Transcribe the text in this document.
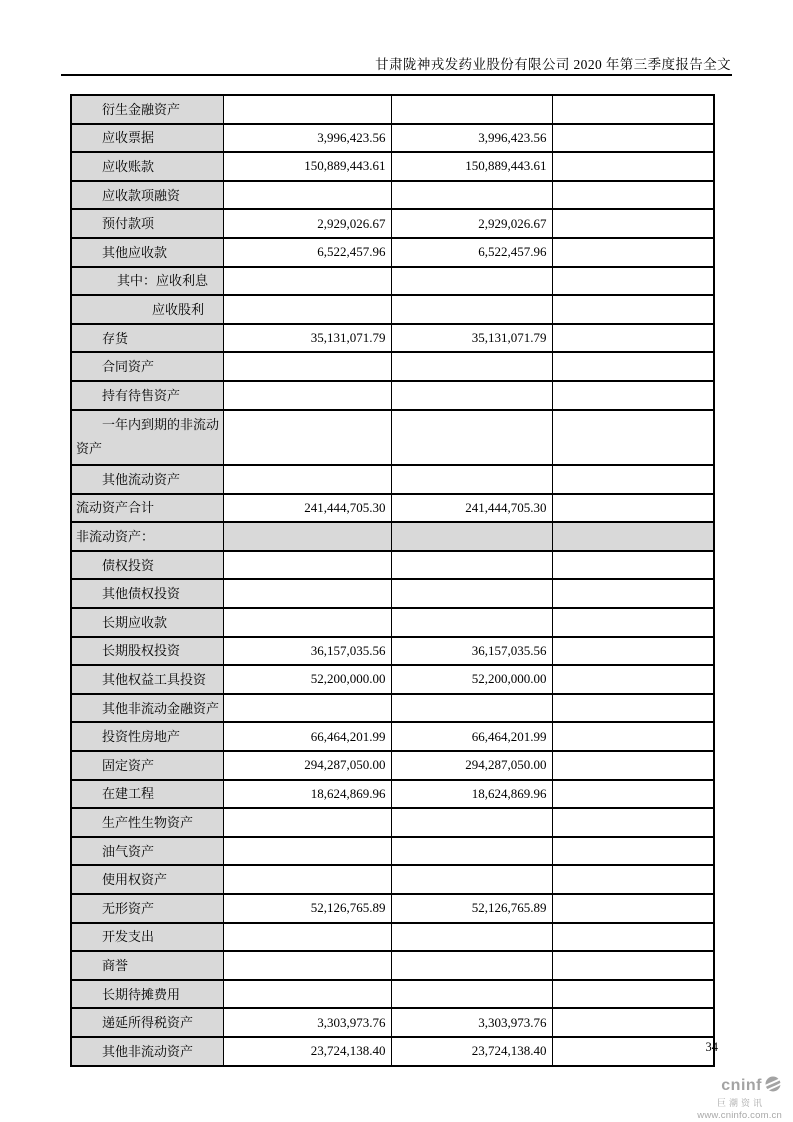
甘肃陇神戎发药业股份有限公司 2020 年第三季度报告全文
衍生金融资产			
应收票据	3,996,423.56	3,996,423.56	
应收账款	150,889,443.61	150,889,443.61	
应收款项融资			
预付款项	2,929,026.67	2,929,026.67	
其他应收款	6,522,457.96	6,522,457.96	
其中：应收利息			
应收股利			
存货	35,131,071.79	35,131,071.79	
合同资产			
持有待售资产			
一年内到期的非流动资产			
其他流动资产			
流动资产合计	241,444,705.30	241,444,705.30	
非流动资产：			
债权投资			
其他债权投资			
长期应收款			
长期股权投资	36,157,035.56	36,157,035.56	
其他权益工具投资	52,200,000.00	52,200,000.00	
其他非流动金融资产			
投资性房地产	66,464,201.99	66,464,201.99	
固定资产	294,287,050.00	294,287,050.00	
在建工程	18,624,869.96	18,624,869.96	
生产性生物资产			
油气资产			
使用权资产			
无形资产	52,126,765.89	52,126,765.89	
开发支出			
商誉			
长期待摊费用			
递延所得税资产	3,303,973.76	3,303,973.76	
其他非流动资产	23,724,138.40	23,724,138.40		34
cninf
巨潮资讯
www.cninfo.com.cn
